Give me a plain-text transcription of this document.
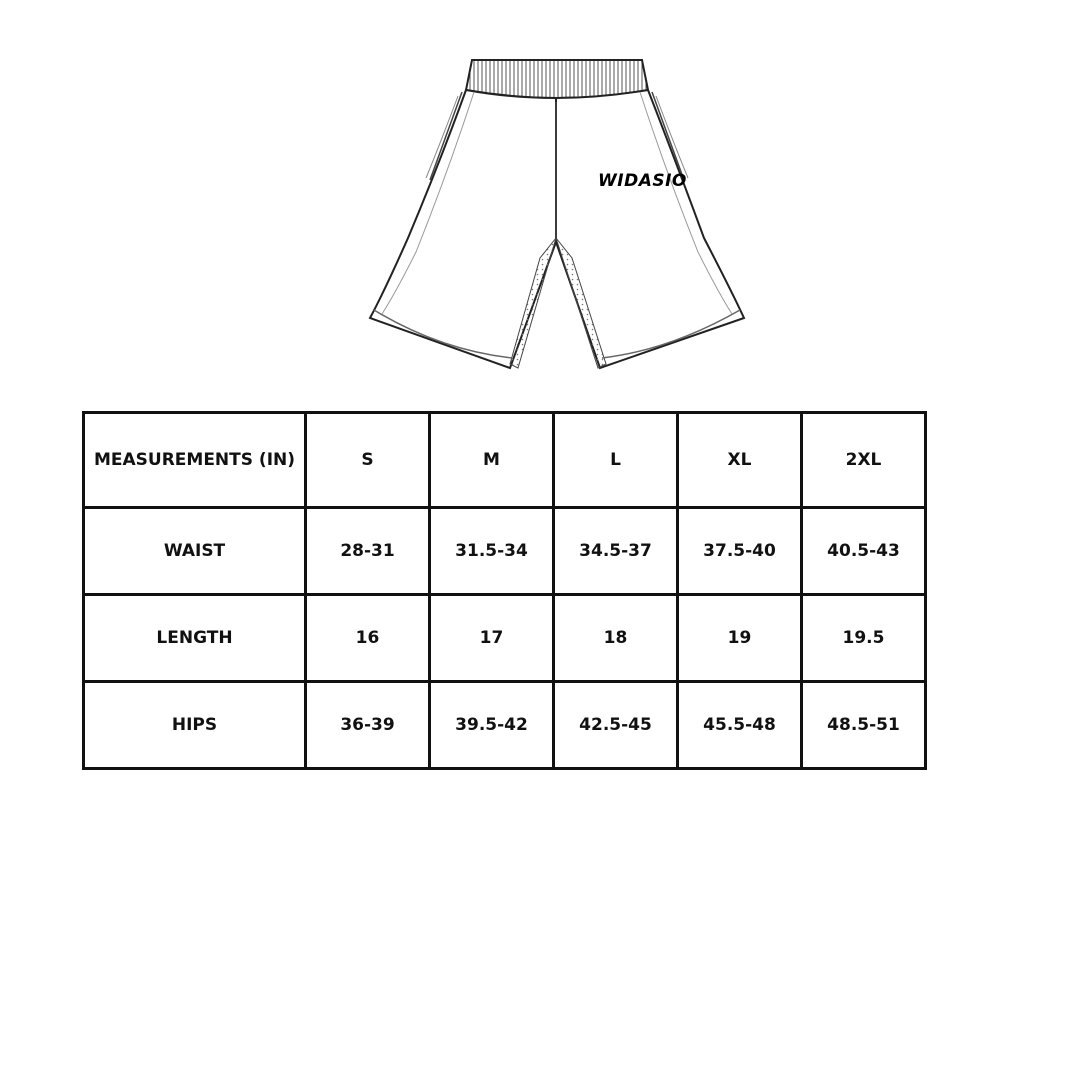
WIDASIO
MEASUREMENTS (IN)	S	M	L	XL	2XL
WAIST	28-31	31.5-34	34.5-37	37.5-40	40.5-43
LENGTH	16	17	18	19	19.5
HIPS	36-39	39.5-42	42.5-45	45.5-48	48.5-51
